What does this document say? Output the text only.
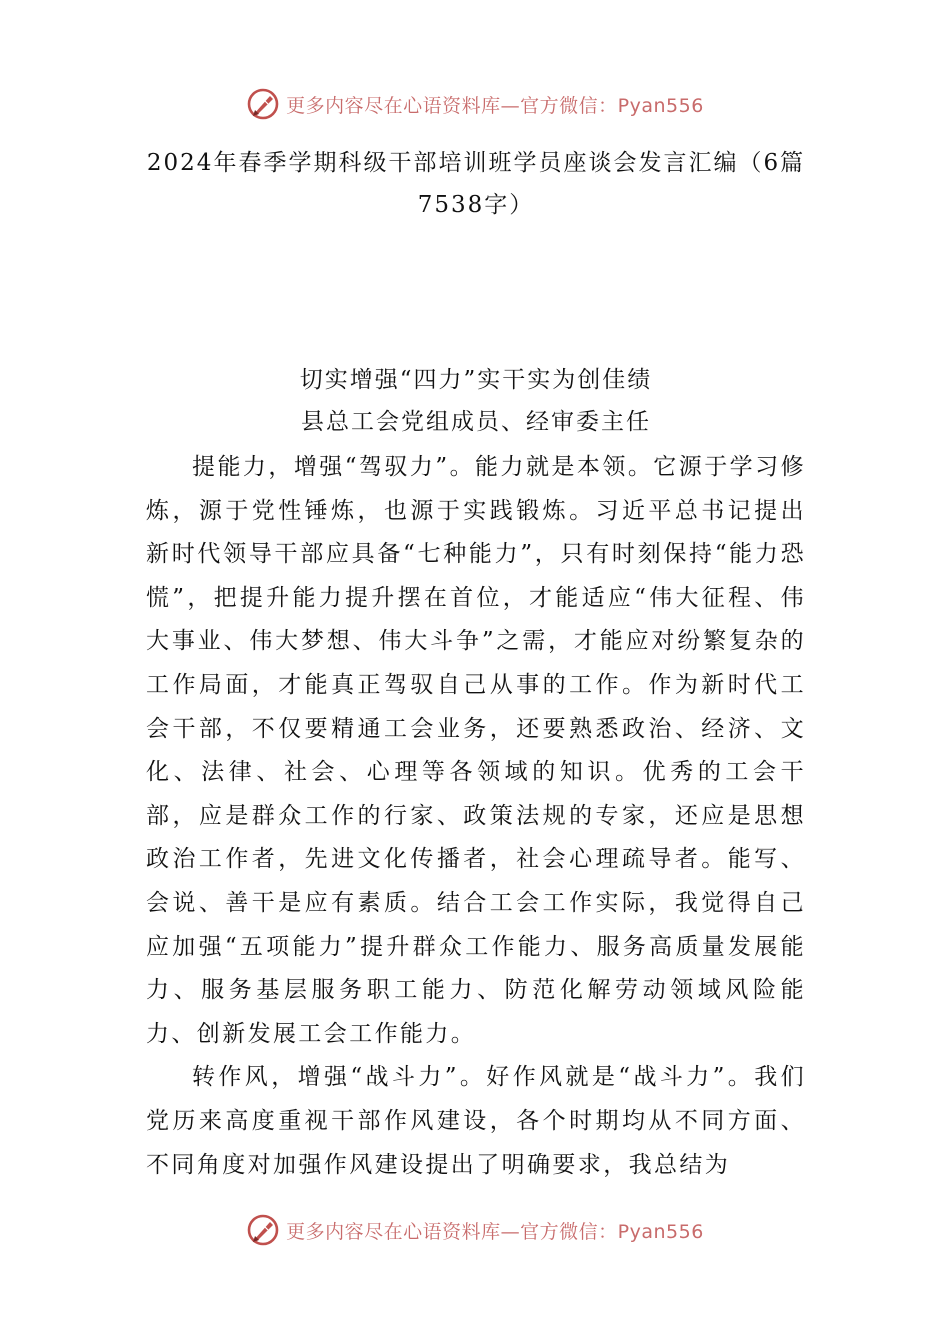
更多内容尽在心语资料库—官方微信：Pyan556
2024年春季学期科级干部培训班学员座谈会发言汇编（6篇7538字）
切实增强“四力”实干实为创佳绩
县总工会党组成员、经审委主任

提能力，增强“驾驭力”。能力就是本领。它源于学习修炼，源于党性锤炼，也源于实践锻炼。习近平总书记提出新时代领导干部应具备“七种能力”，只有时刻保持“能力恐慌”，把提升能力提升摆在首位，才能适应“伟大征程、伟大事业、伟大梦想、伟大斗争”之需，才能应对纷繁复杂的工作局面，才能真正驾驭自己从事的工作。作为新时代工会干部，不仅要精通工会业务，还要熟悉政治、经济、文化、法律、社会、心理等各领域的知识。优秀的工会干部，应是群众工作的行家、政策法规的专家，还应是思想政治工作者，先进文化传播者，社会心理疏导者。能写、会说、善干是应有素质。结合工会工作实际，我觉得自己应加强“五项能力”提升群众工作能力、服务高质量发展能力、服务基层服务职工能力、防范化解劳动领域风险能力、创新发展工会工作能力。

转作风，增强“战斗力”。好作风就是“战斗力”。我们党历来高度重视干部作风建设，各个时期均从不同方面、不同角度对加强作风建设提出了明确要求，我总结为

更多内容尽在心语资料库—官方微信：Pyan556
